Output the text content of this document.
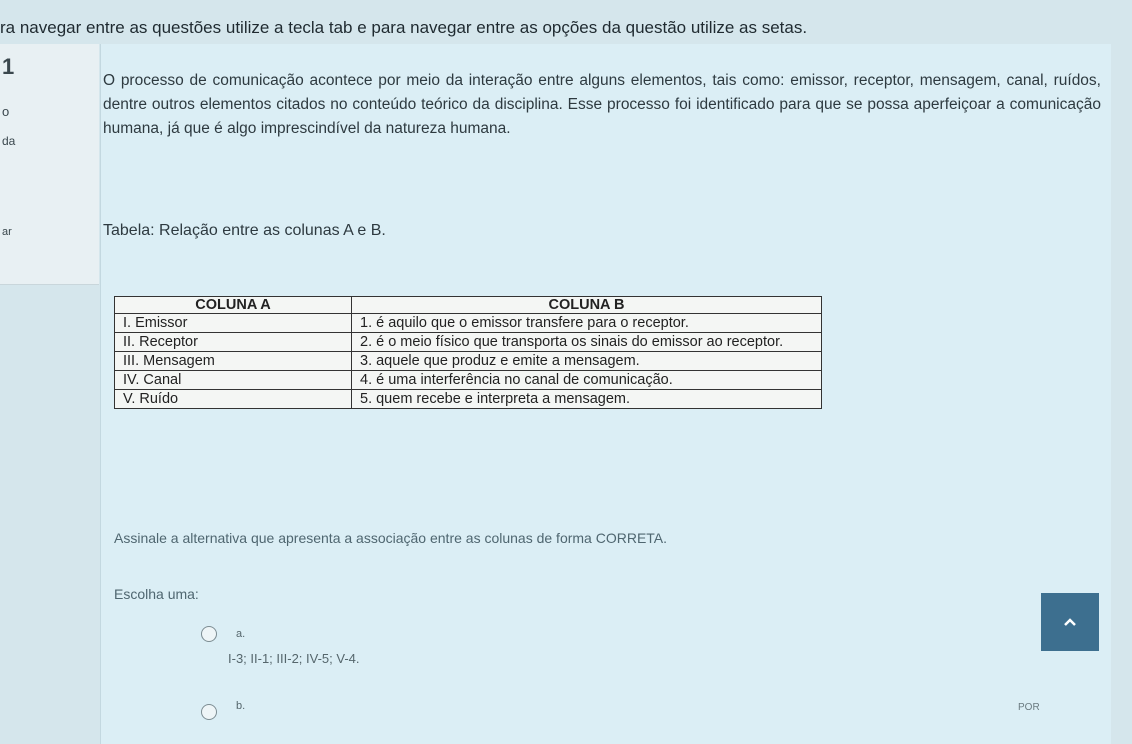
ra navegar entre as questões utilize a tecla tab e para navegar entre as opções da questão utilize as setas.
1
o
da
ar
O processo de comunicação acontece por meio da interação entre alguns elementos, tais como: emissor, receptor, mensagem, canal, ruídos, dentre outros elementos citados no conteúdo teórico da disciplina. Esse processo foi identificado para que se possa aperfeiçoar a comunicação humana, já que é algo imprescindível da natureza humana.
Tabela: Relação entre as colunas A e B.
COLUNA A	COLUNA B
I. Emissor	1. é aquilo que o emissor transfere para o receptor.
II. Receptor	2. é o meio físico que transporta os sinais do emissor ao receptor.
III. Mensagem	3. aquele que produz e emite a mensagem.
IV. Canal	4. é uma interferência no canal de comunicação.
V. Ruído	5. quem recebe e interpreta a mensagem.
Assinale a alternativa que apresenta a associação entre as colunas de forma CORRETA.
Escolha uma:
a.
I-3; II-1; III-2; IV-5; V-4.
b.	POR
